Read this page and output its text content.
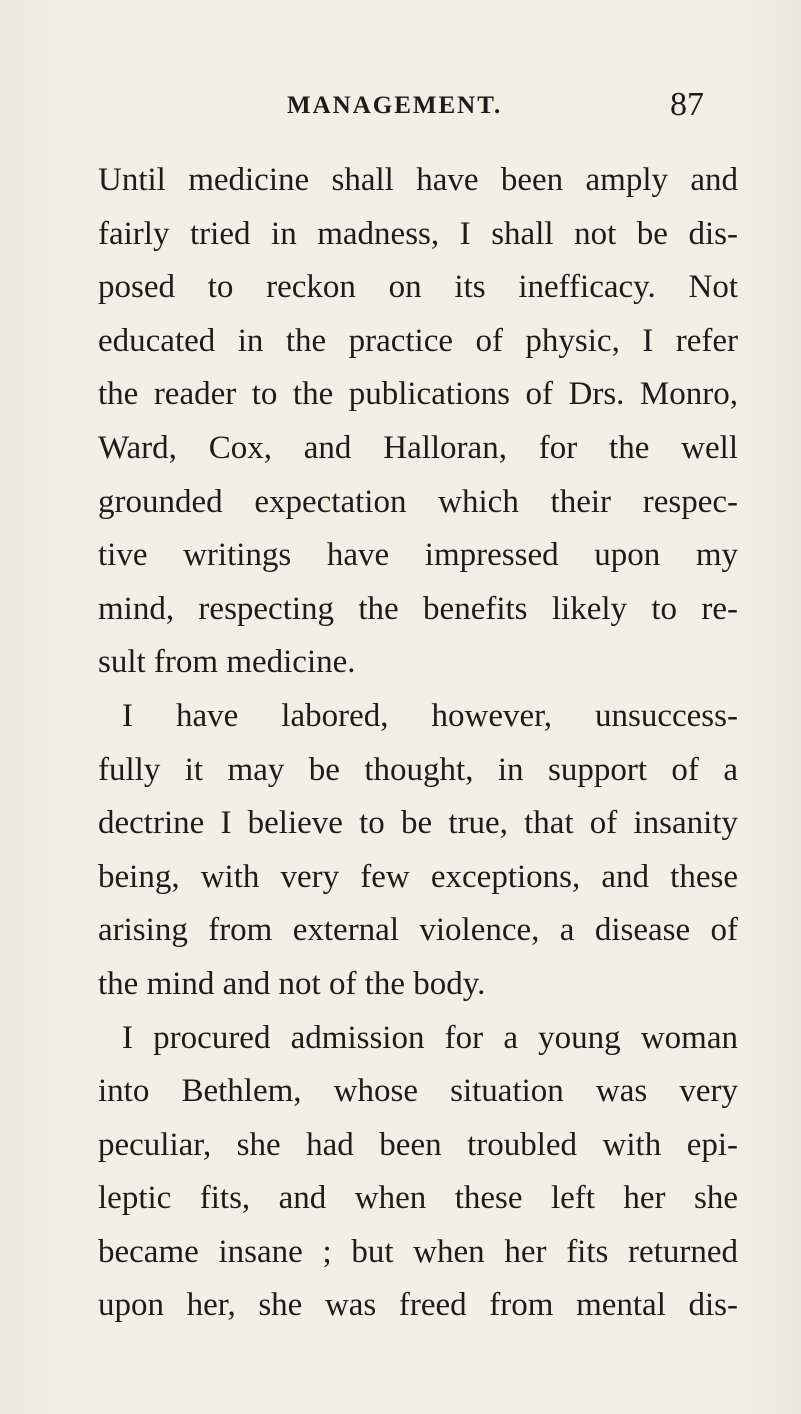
MANAGEMENT.	87
Until medicine shall have been amply and
fairly tried in madness, I shall not be dis-
posed to reckon on its inefficacy. Not
educated in the practice of physic, I refer
the reader to the publications of Drs. Monro,
Ward, Cox, and Halloran, for the well
grounded expectation which their respec-
tive writings have impressed upon my
mind, respecting the benefits likely to re-
sult from medicine.
I have labored, however, unsuccess-
fully it may be thought, in support of a
dectrine I believe to be true, that of insanity
being, with very few exceptions, and these
arising from external violence, a disease of
the mind and not of the body.
I procured admission for a young woman
into Bethlem, whose situation was very
peculiar, she had been troubled with epi-
leptic fits, and when these left her she
became insane ; but when her fits returned
upon her, she was freed from mental dis-
